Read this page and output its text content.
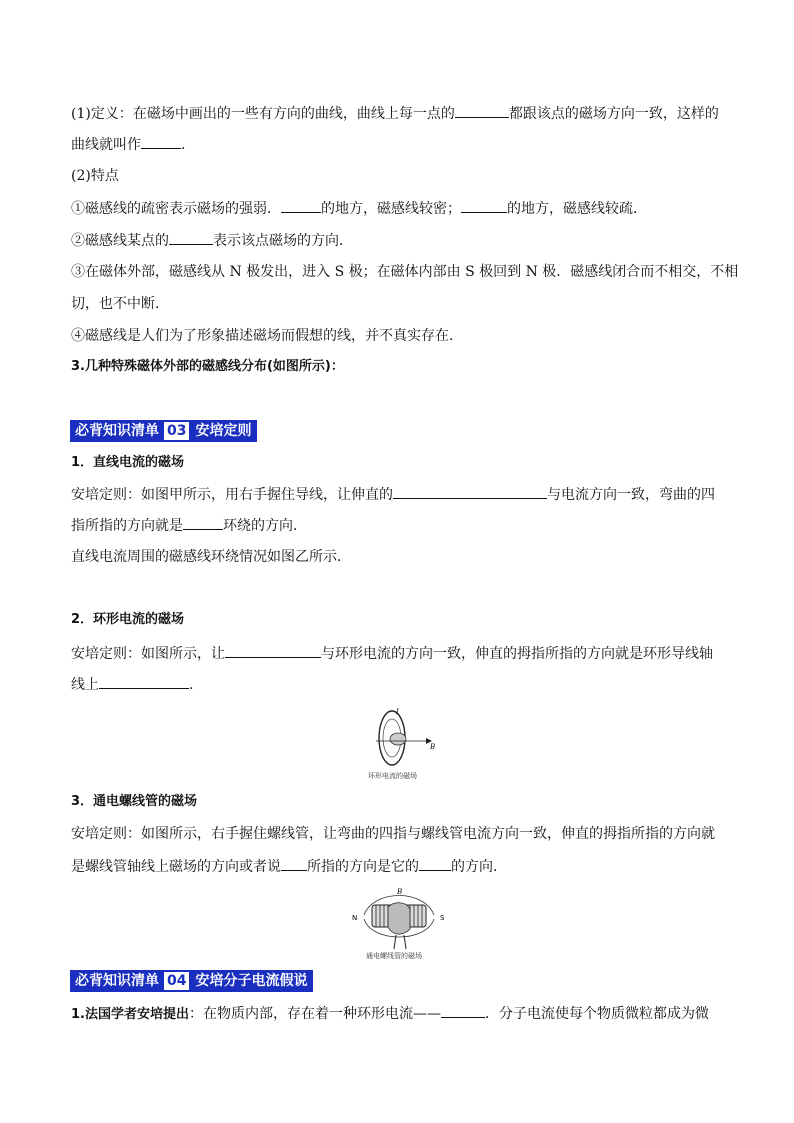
(1)定义：在磁场中画出的一些有方向的曲线，曲线上每一点的	都跟该点的磁场方向一致，这样的
曲线就叫作	.
(2)特点
①磁感线的疏密表示磁场的强弱．	的地方，磁感线较密；	的地方，磁感线较疏．
②磁感线某点的	表示该点磁场的方向．
③在磁体外部，磁感线从 N 极发出，进入 S 极；在磁体内部由 S 极回到 N 极．磁感线闭合而不相交，不相
切，也不中断．
④磁感线是人们为了形象描述磁场而假想的线，并不真实存在．
3.几种特殊磁体外部的磁感线分布(如图所示)：
必背知识清单 03 安培定则
1．直线电流的磁场
安培定则：如图甲所示，用右手握住导线，让伸直的	与电流方向一致，弯曲的四
指所指的方向就是	环绕的方向．
直线电流周围的磁感线环绕情况如图乙所示．
2．环形电流的磁场
安培定则：如图所示，让	与环形电流的方向一致，伸直的拇指所指的方向就是环形导线轴
线上	.
B
I
环形电流的磁场
3．通电螺线管的磁场
安培定则：如图所示，右手握住螺线管，让弯曲的四指与螺线管电流方向一致，伸直的拇指所指的方向就
是螺线管轴线上磁场的方向或者说 所指的方向是它的 的方向．
N	S
B
通电螺线管的磁场
必背知识清单 04 安培分子电流假说
1.法国学者安培提出：在物质内部，存在着一种环形电流——	．分子电流使每个物质微粒都成为微
